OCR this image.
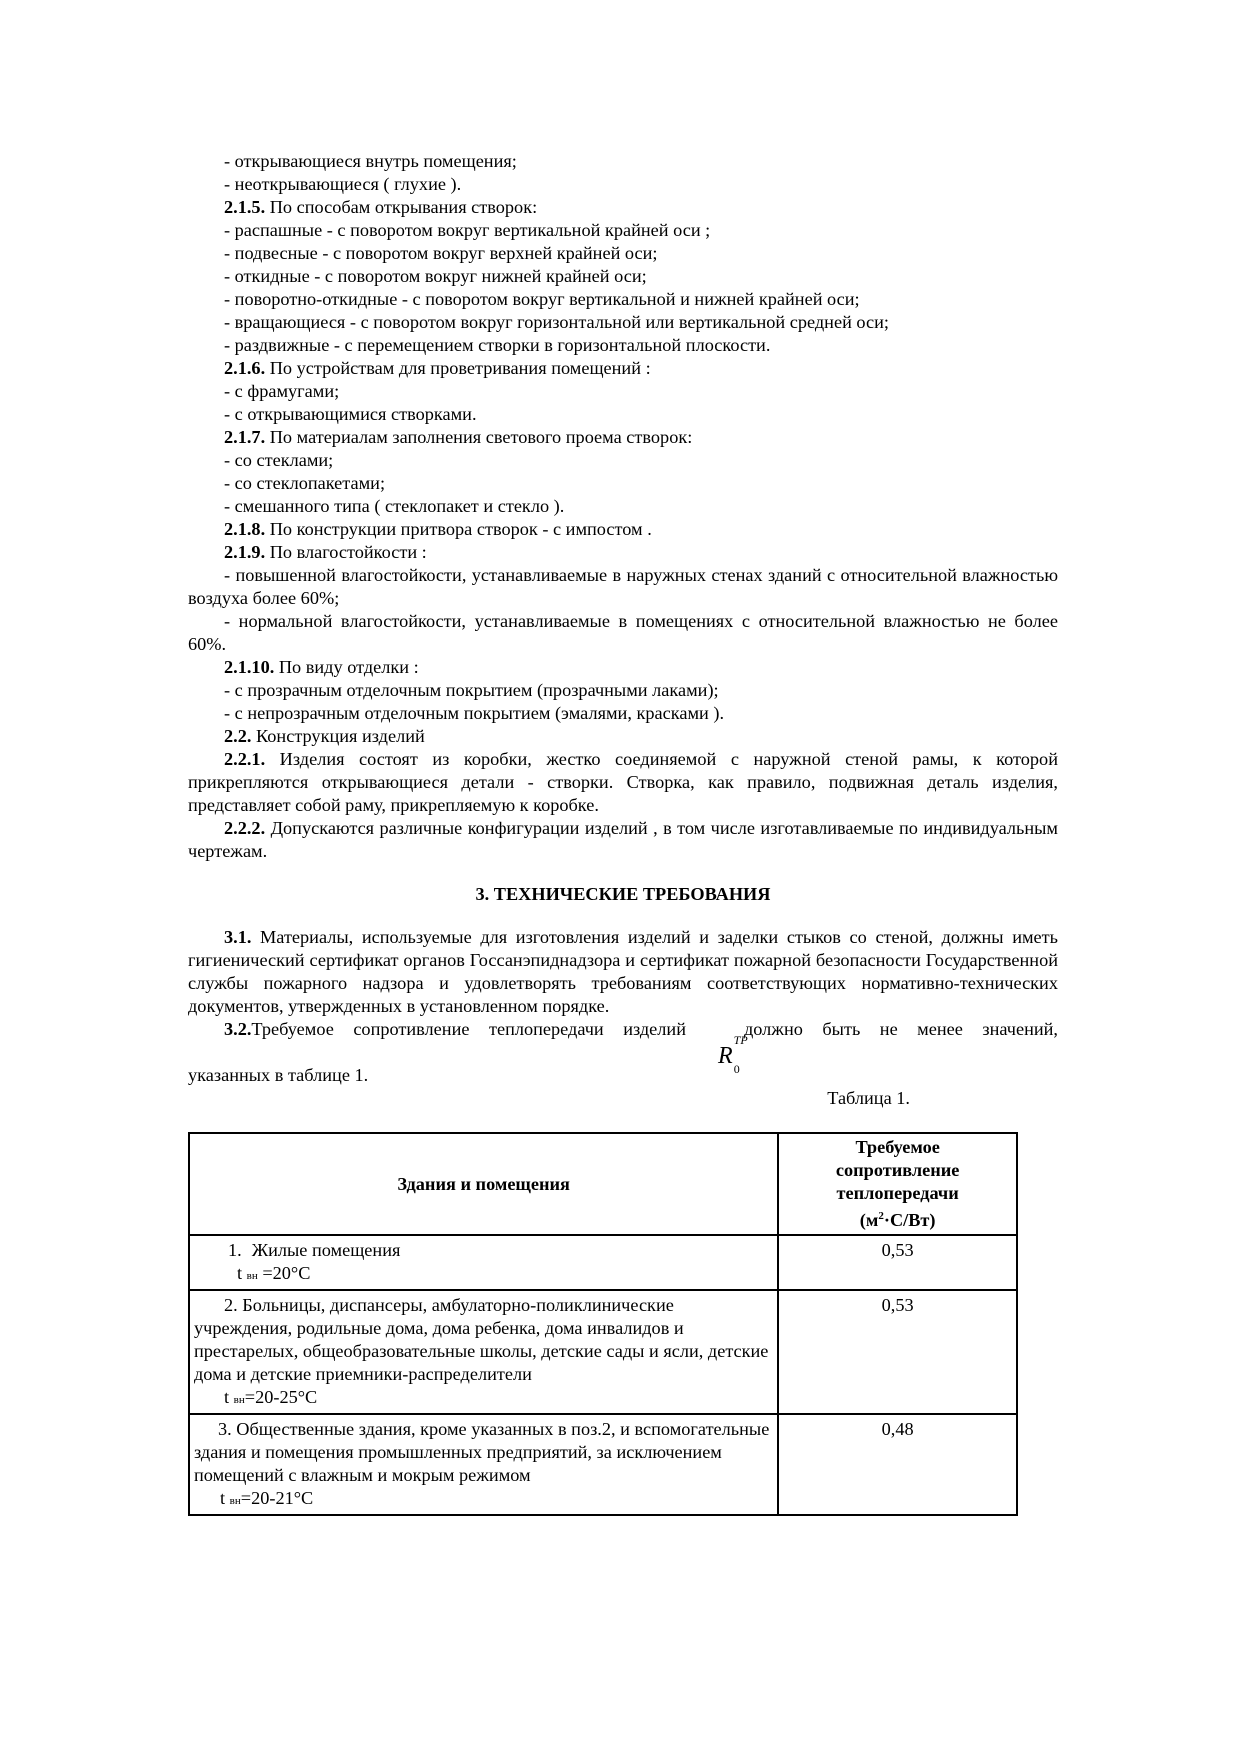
- открывающиеся внутрь помещения;
- неоткрывающиеся ( глухие ).
2.1.5. По способам открывания створок:
- распашные - с поворотом вокруг вертикальной крайней оси ;
- подвесные - с поворотом вокруг верхней крайней оси;
- откидные - с поворотом вокруг нижней крайней оси;
- поворотно-откидные - с поворотом вокруг вертикальной и нижней крайней оси;
- вращающиеся - с поворотом вокруг горизонтальной или вертикальной средней оси;
- раздвижные - с перемещением створки в горизонтальной плоскости.
2.1.6. По устройствам для проветривания помещений :
- с фрамугами;
- с открывающимися створками.
2.1.7. По материалам заполнения светового проема створок:
- со стеклами;
- со стеклопакетами;
- смешанного типа ( стеклопакет и стекло ).
2.1.8. По конструкции притвора створок - с импостом .
2.1.9. По влагостойкости :
- повышенной влагостойкости, устанавливаемые в наружных стенах зданий с относительной влажностью воздуха более 60%;
- нормальной влагостойкости, устанавливаемые в помещениях с относительной влажностью не более 60%.
2.1.10. По виду отделки :
- с прозрачным отделочным покрытием (прозрачными лаками);
- с непрозрачным отделочным покрытием (эмалями, красками ).
2.2. Конструкция изделий
2.2.1. Изделия состоят из коробки, жестко соединяемой с наружной стеной рамы, к которой прикрепляются открывающиеся детали - створки. Створка, как правило, подвижная деталь изделия, представляет собой раму, прикрепляемую к коробке.
2.2.2. Допускаются различные конфигурации изделий , в том числе изготавливаемые по индивидуальным чертежам.
3. ТЕХНИЧЕСКИЕ ТРЕБОВАНИЯ
3.1. Материалы, используемые для изготовления изделий и заделки стыков со стеной, должны иметь гигиенический сертификат органов Госсанэпиднадзора и сертификат пожарной безопасности Государственной службы пожарного надзора и удовлетворять требованиям соответствующих нормативно-технических документов, утвержденных в установленном порядке.
3.2.Требуемое сопротивление теплопередачи изделий	должно быть не менее значений,
$R^{ТР}_0$
указанных в таблице 1.
Таблица 1.
Здания и помещения	Требуемое
сопротивление
теплопередачи
$(м^2\cdot С/Вт)$

1. Жилые помещения
t вн =20°С	0,53

2. Больницы, диспансеры, амбулаторно-поликлинические учреждения, родильные дома, дома ребенка, дома инвалидов и престарелых, общеобразовательные школы, детские сады и ясли, детские дома и детские приемники-распределители
t вн=20-25°С	0,53

3. Общественные здания, кроме указанных в поз.2, и вспомогательные здания и помещения промышленных предприятий, за исключением помещений с влажным и мокрым режимом
t вн=20-21°С	0,48
